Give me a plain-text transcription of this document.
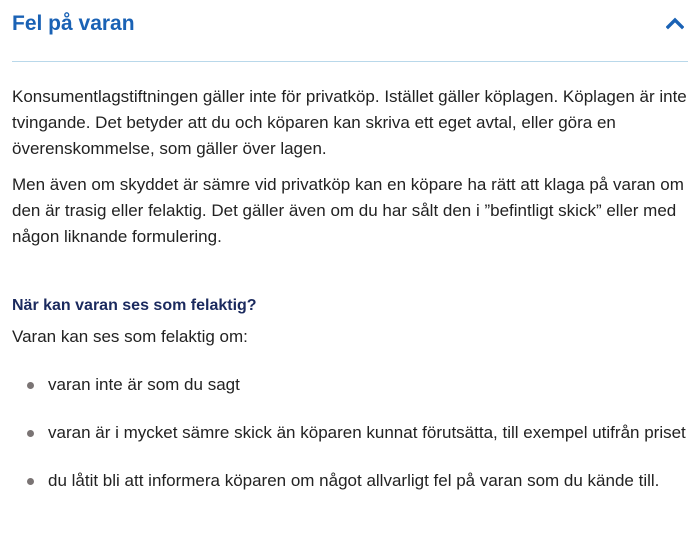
Fel på varan

Konsumentlagstiftningen gäller inte för privatköp. Istället gäller köplagen. Köplagen är inte tvingande. Det betyder att du och köparen kan skriva ett eget avtal, eller göra en överenskommelse, som gäller över lagen.

Men även om skyddet är sämre vid privatköp kan en köpare ha rätt att klaga på varan om den är trasig eller felaktig. Det gäller även om du har sålt den i ”befintligt skick” eller med någon liknande formulering.

När kan varan ses som felaktig?

Varan kan ses som felaktig om:

varan inte är som du sagt
varan är i mycket sämre skick än köparen kunnat förutsätta, till exempel utifrån priset
du låtit bli att informera köparen om något allvarligt fel på varan som du kände till.
